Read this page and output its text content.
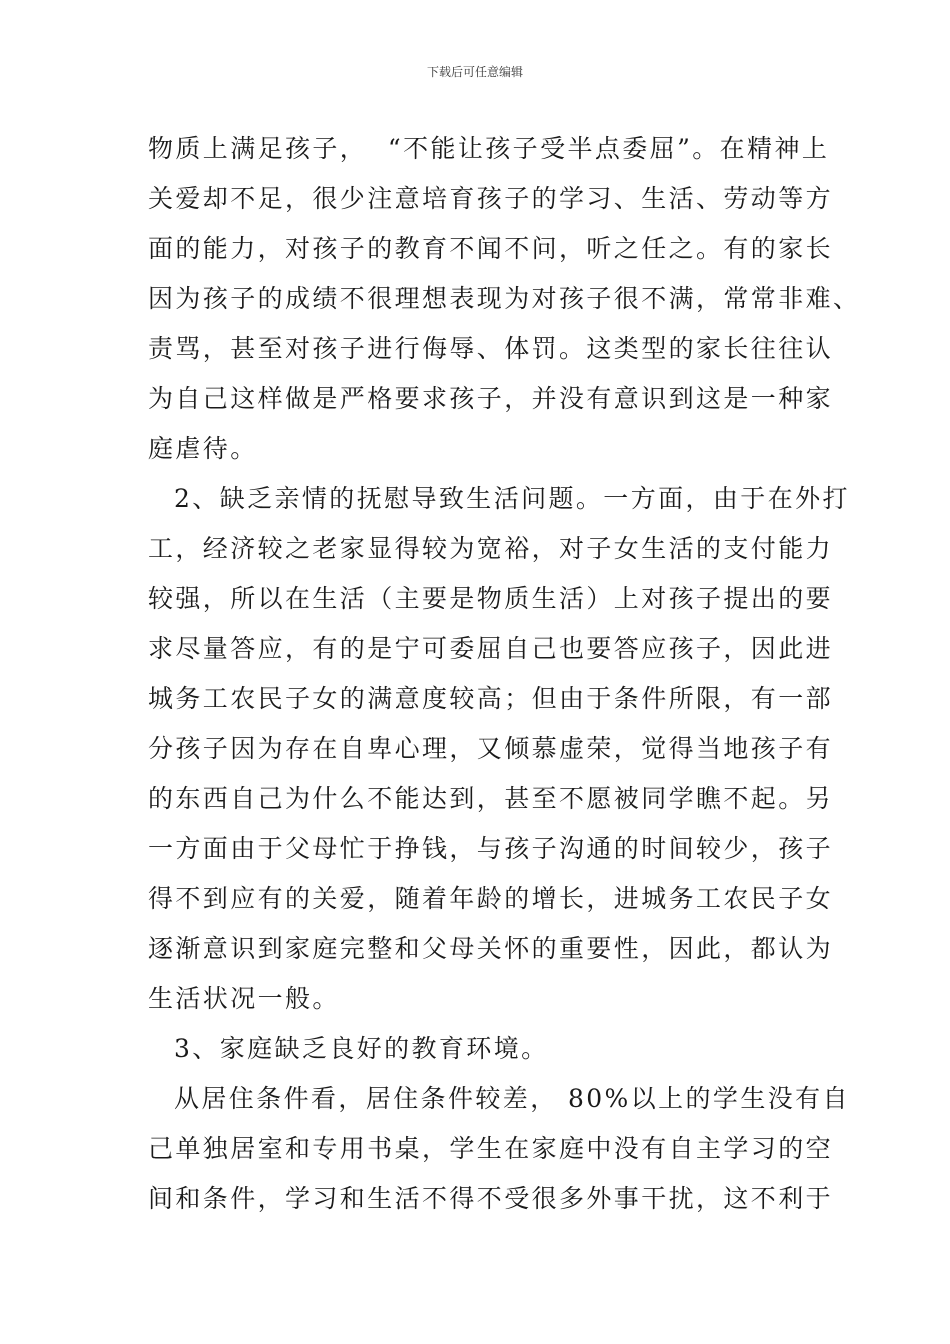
下载后可任意编辑
物质上满足孩子，  “不能让孩子受半点委屈”。在精神上
关爱却不足，很少注意培育孩子的学习、生活、劳动等方
面的能力，对孩子的教育不闻不问，听之任之。有的家长
因为孩子的成绩不很理想表现为对孩子很不满，常常非难、
责骂，甚至对孩子进行侮辱、体罚。这类型的家长往往认
为自己这样做是严格要求孩子，并没有意识到这是一种家
庭虐待。
2、缺乏亲情的抚慰导致生活问题。一方面，由于在外打
工，经济较之老家显得较为宽裕，对子女生活的支付能力
较强，所以在生活（主要是物质生活）上对孩子提出的要
求尽量答应，有的是宁可委屈自己也要答应孩子，因此进
城务工农民子女的满意度较高；但由于条件所限，有一部
分孩子因为存在自卑心理，又倾慕虚荣，觉得当地孩子有
的东西自己为什么不能达到，甚至不愿被同学瞧不起。另
一方面由于父母忙于挣钱，与孩子沟通的时间较少，孩子
得不到应有的关爱，随着年龄的增长，进城务工农民子女
逐渐意识到家庭完整和父母关怀的重要性，因此，都认为
生活状况一般。
3、家庭缺乏良好的教育环境。
从居住条件看，居住条件较差， 80%以上的学生没有自
己单独居室和专用书桌，学生在家庭中没有自主学习的空
间和条件，学习和生活不得不受很多外事干扰，这不利于
